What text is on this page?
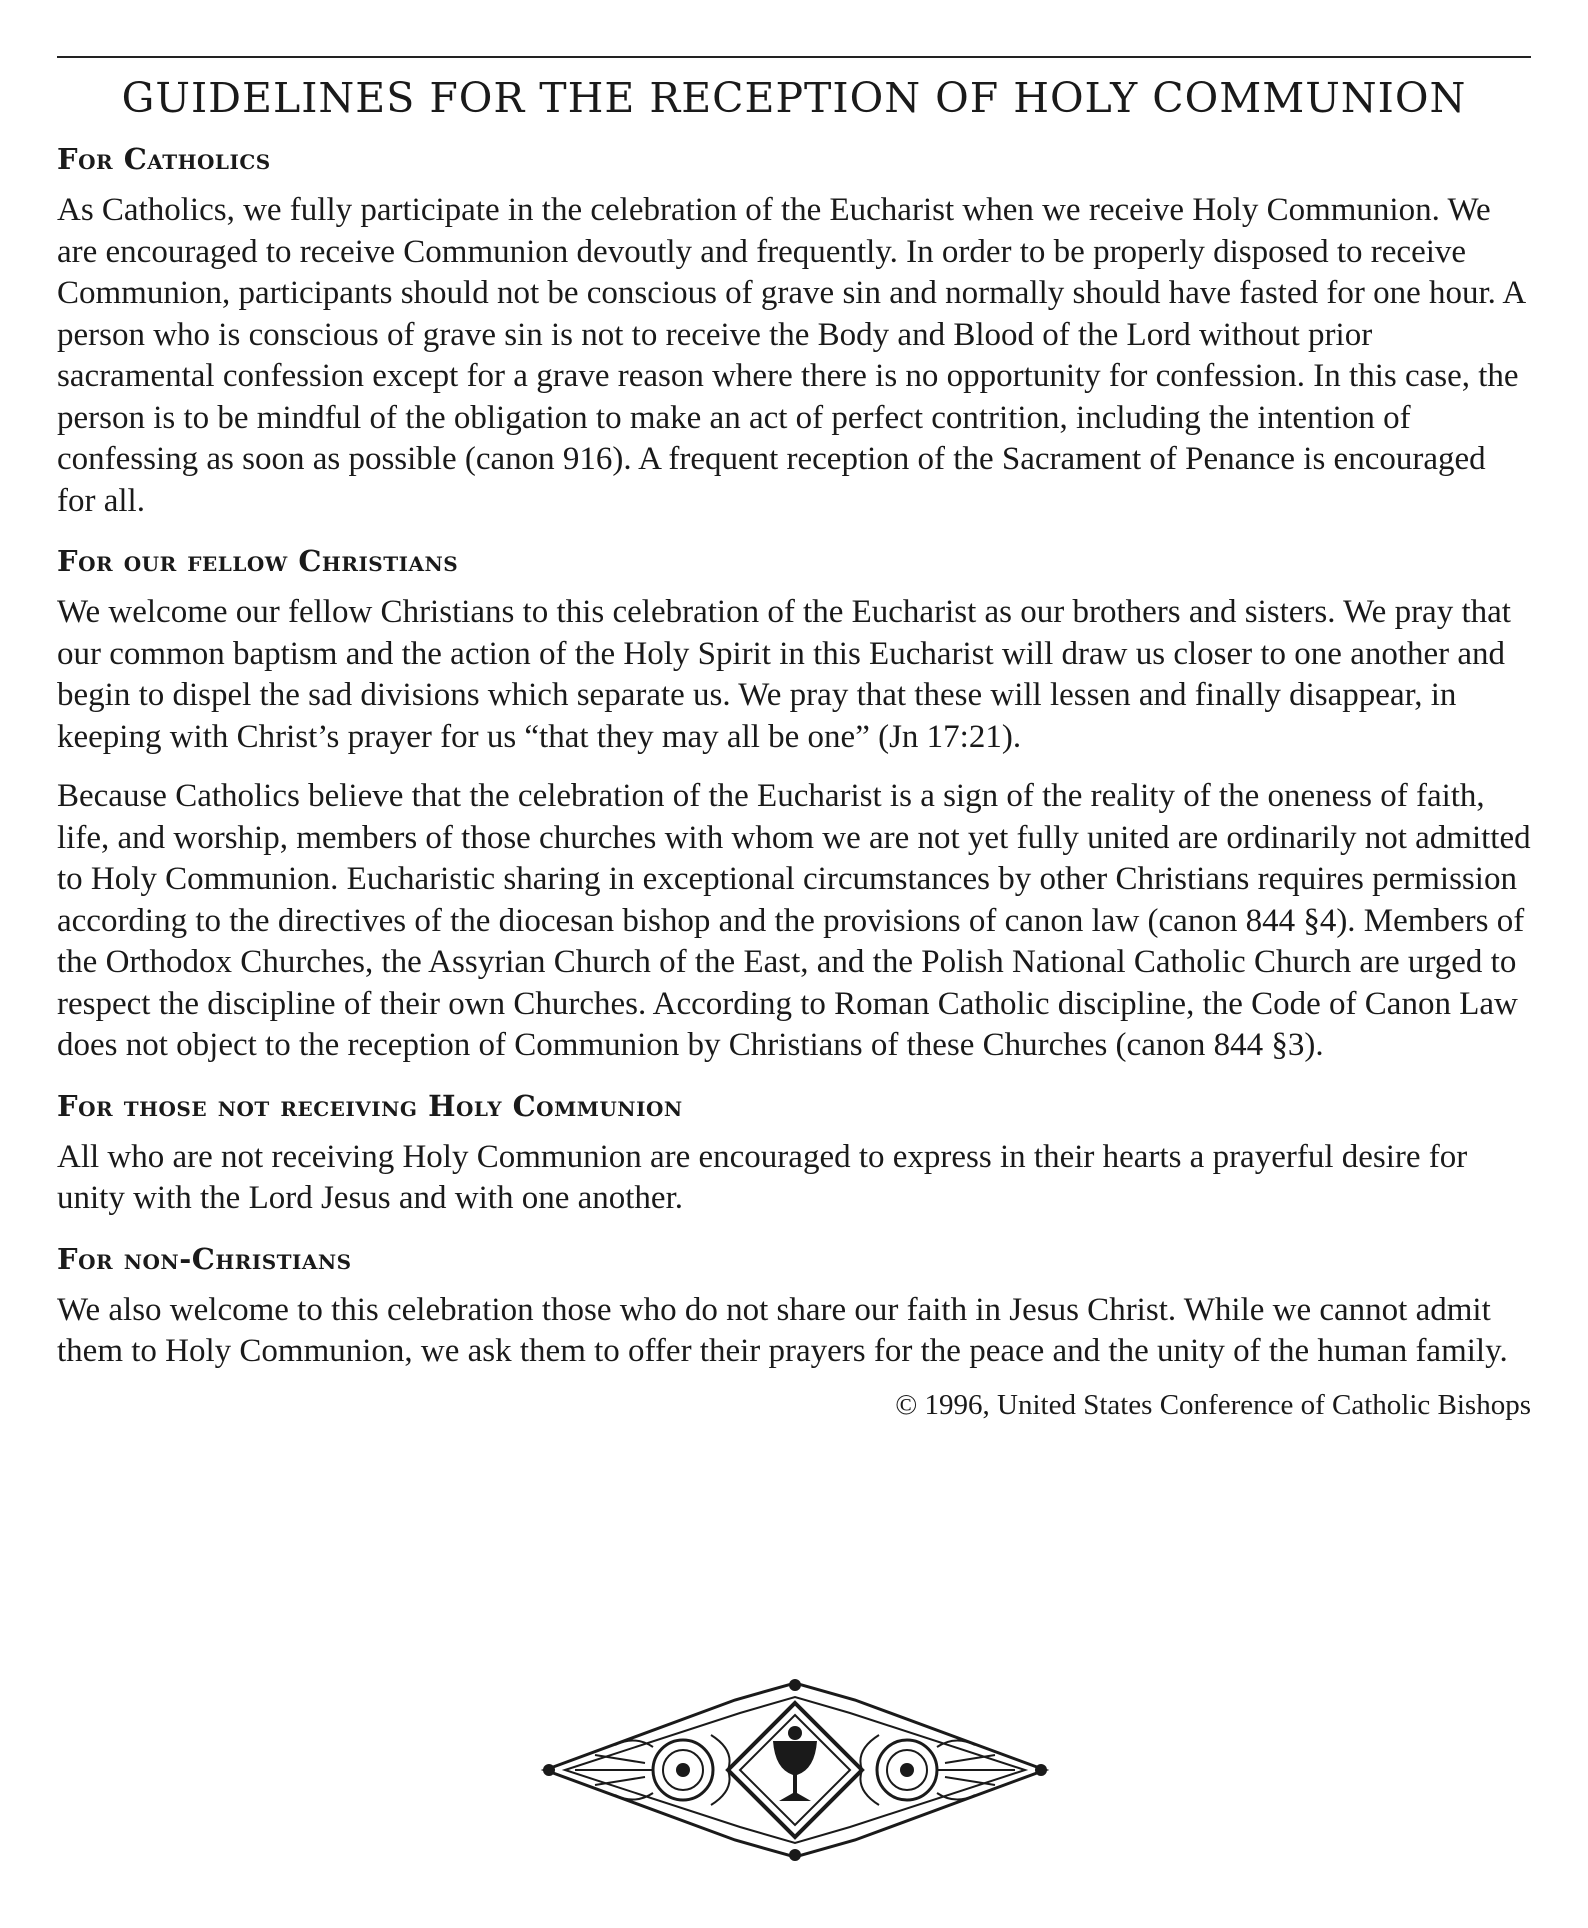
GUIDELINES FOR THE RECEPTION OF HOLY COMMUNION
For Catholics

As Catholics, we fully participate in the celebration of the Eucharist when we receive Holy Communion. We are encouraged to receive Communion devoutly and frequently. In order to be properly disposed to receive Communion, participants should not be conscious of grave sin and normally should have fasted for one hour. A person who is conscious of grave sin is not to receive the Body and Blood of the Lord without prior sacramental confession except for a grave reason where there is no opportunity for confession. In this case, the person is to be mindful of the obligation to make an act of perfect contrition, including the intention of confessing as soon as possible (canon 916). A frequent reception of the Sacrament of Penance is encouraged for all.

For our fellow Christians

We welcome our fellow Christians to this celebration of the Eucharist as our brothers and sisters. We pray that our common baptism and the action of the Holy Spirit in this Eucharist will draw us closer to one another and begin to dispel the sad divisions which separate us. We pray that these will lessen and finally disappear, in keeping with Christ’s prayer for us “that they may all be one” (Jn 17:21).

Because Catholics believe that the celebration of the Eucharist is a sign of the reality of the oneness of faith, life, and worship, members of those churches with whom we are not yet fully united are ordinarily not admitted to Holy Communion. Eucharistic sharing in exceptional circumstances by other Christians requires permission according to the directives of the diocesan bishop and the provisions of canon law (canon 844 §4). Members of the Orthodox Churches, the Assyrian Church of the East, and the Polish National Catholic Church are urged to respect the discipline of their own Churches. According to Roman Catholic discipline, the Code of Canon Law does not object to the reception of Communion by Christians of these Churches (canon 844 §3).

For those not receiving Holy Communion

All who are not receiving Holy Communion are encouraged to express in their hearts a prayerful desire for unity with the Lord Jesus and with one another.

For non-Christians

We also welcome to this celebration those who do not share our faith in Jesus Christ. While we cannot admit them to Holy Communion, we ask them to offer their prayers for the peace and the unity of the human family.

© 1996, United States Conference of Catholic Bishops
